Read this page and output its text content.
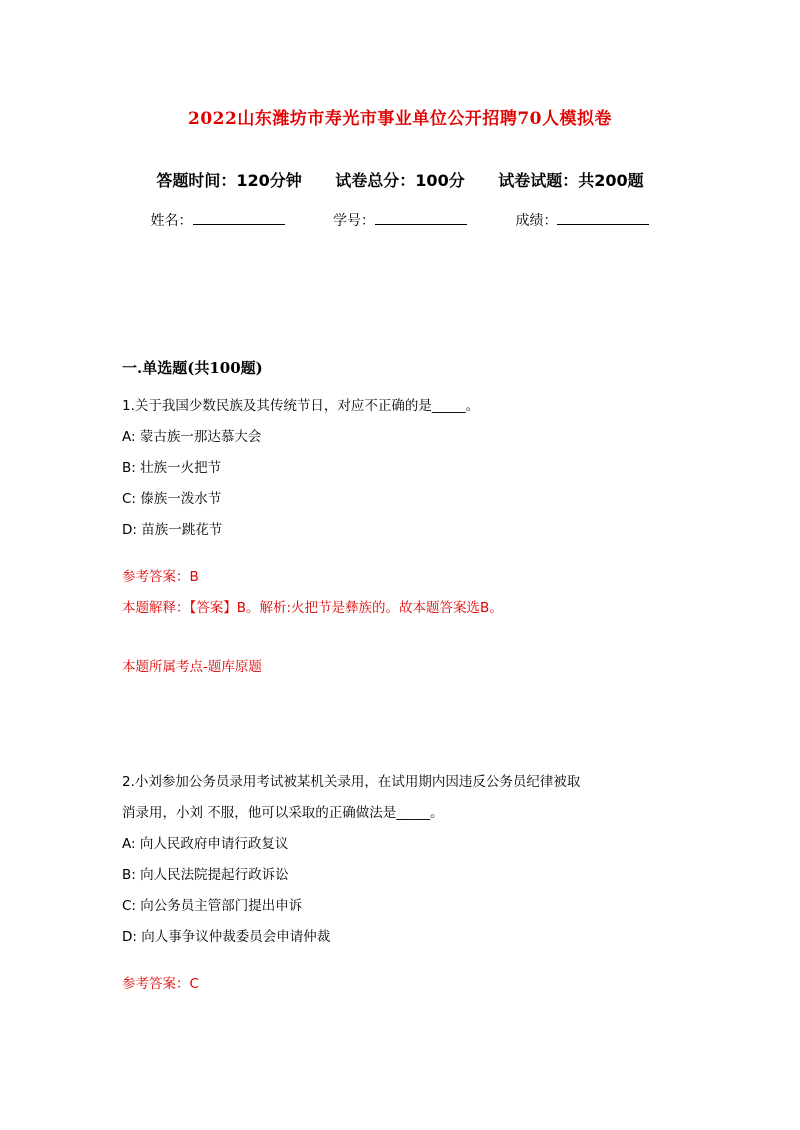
2022山东潍坊市寿光市事业单位公开招聘70人模拟卷
答题时间：120分钟 试卷总分：100分 试卷试题：共200题
姓名：	学号：	成绩：
一.单选题(共100题)

1.关于我国少数民族及其传统节日，对应不正确的是_____。

A: 蒙古族一那达慕大会

B: 壮族一火把节

C: 傣族一泼水节

D: 苗族一跳花节

参考答案：B

本题解释：【答案】B。解析:火把节是彝族的。故本题答案选B。

本题所属考点-题库原题

2.小刘参加公务员录用考试被某机关录用，在试用期内因违反公务员纪律被取

消录用，小刘 不服，他可以采取的正确做法是_____。

A: 向人民政府申请行政复议

B: 向人民法院提起行政诉讼

C: 向公务员主管部门提出申诉

D: 向人事争议仲裁委员会申请仲裁

参考答案：C
